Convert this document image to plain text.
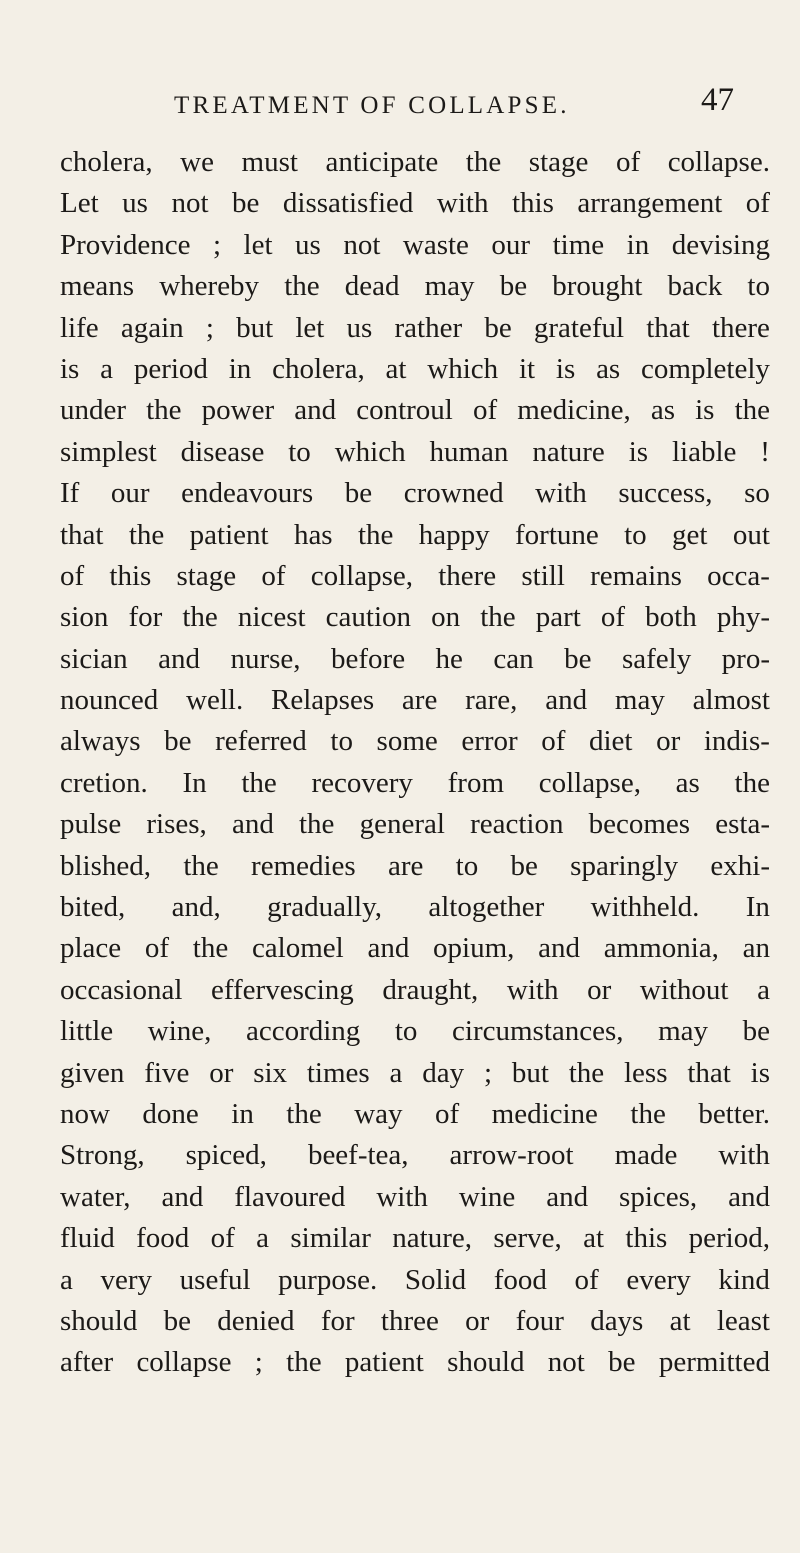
TREATMENT OF COLLAPSE.	47
cholera, we must anticipate the stage of collapse.
Let us not be dissatisfied with this arrangement of
Providence ; let us not waste our time in devising
means whereby the dead may be brought back to
life again ; but let us rather be grateful that there
is a period in cholera, at which it is as completely
under the power and controul of medicine, as is the
simplest disease to which human nature is liable !
If our endeavours be crowned with success, so
that the patient has the happy fortune to get out
of this stage of collapse, there still remains occa-
sion for the nicest caution on the part of both phy-
sician and nurse, before he can be safely pro-
nounced well. Relapses are rare, and may almost
always be referred to some error of diet or indis-
cretion. In the recovery from collapse, as the
pulse rises, and the general reaction becomes esta-
blished, the remedies are to be sparingly exhi-
bited, and, gradually, altogether withheld. In
place of the calomel and opium, and ammonia, an
occasional effervescing draught, with or without a
little wine, according to circumstances, may be
given five or six times a day ; but the less that is
now done in the way of medicine the better.
Strong, spiced, beef-tea, arrow-root made with
water, and flavoured with wine and spices, and
fluid food of a similar nature, serve, at this period,
a very useful purpose. Solid food of every kind
should be denied for three or four days at least
after collapse ; the patient should not be permitted
